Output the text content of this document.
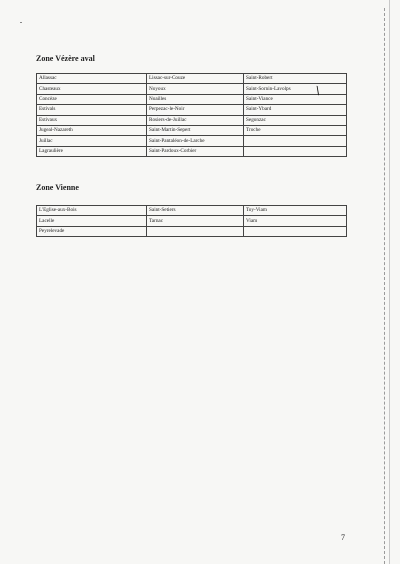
Zone Vézère aval
Allassac	Lissac-sur-Couze	Saint-Robert
Chasteaux	Noyoux	Saint-Sornin-Lavolps
Concèze	Noailles	Saint-Viance
Estivals	Perpezac-le-Noir	Saint-Ybard
Estivaux	Rosiers-de-Juillac	Segonzac
Jugeal-Nazareth	Saint-Martin-Sepert	Troche
Juillac	Saint-Pantaléon-de-Larche	
Lagraulière	Saint-Pardoux-Corbier	
\
Zone Vienne
L'Eglise-aux-Bois	Saint-Setiers	Toy-Viam
Lacelle	Tarnac	Viam
Peyrelevade		
7
